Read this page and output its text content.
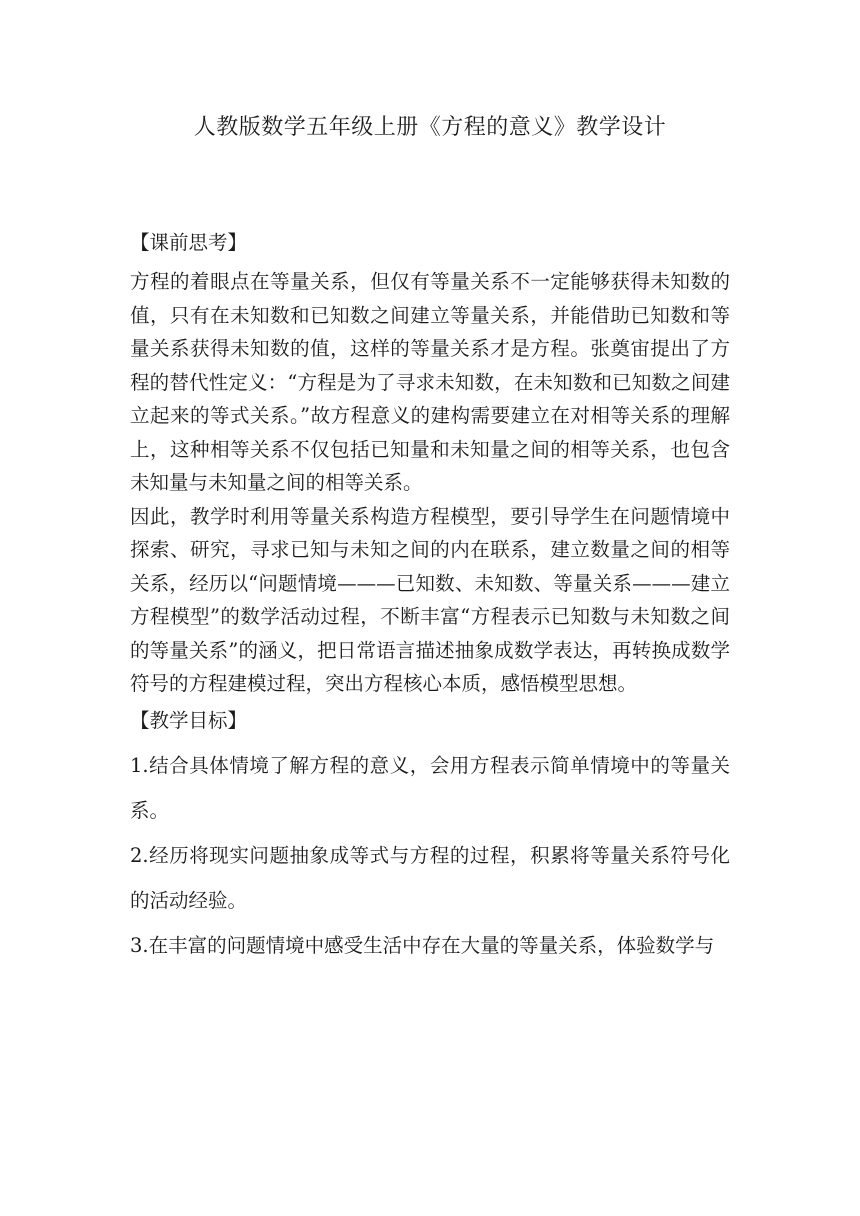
人教版数学五年级上册《方程的意义》教学设计
【课前思考】

方程的着眼点在等量关系，但仅有等量关系不一定能够获得未知数的值，只有在未知数和已知数之间建立等量关系，并能借助已知数和等量关系获得未知数的值，这样的等量关系才是方程。张奠宙提出了方程的替代性定义：“方程是为了寻求未知数，在未知数和已知数之间建立起来的等式关系。”故方程意义的建构需要建立在对相等关系的理解上，这种相等关系不仅包括已知量和未知量之间的相等关系，也包含未知量与未知量之间的相等关系。

因此，教学时利用等量关系构造方程模型，要引导学生在问题情境中探索、研究，寻求已知与未知之间的内在联系，建立数量之间的相等关系，经历以“问题情境———已知数、未知数、等量关系———建立方程模型”的数学活动过程，不断丰富“方程表示已知数与未知数之间的等量关系”的涵义，把日常语言描述抽象成数学表达，再转换成数学符号的方程建模过程，突出方程核心本质，感悟模型思想。

【教学目标】

1.结合具体情境了解方程的意义，会用方程表示简单情境中的等量关系。

2.经历将现实问题抽象成等式与方程的过程，积累将等量关系符号化的活动经验。

3.在丰富的问题情境中感受生活中存在大量的等量关系，体验数学与
